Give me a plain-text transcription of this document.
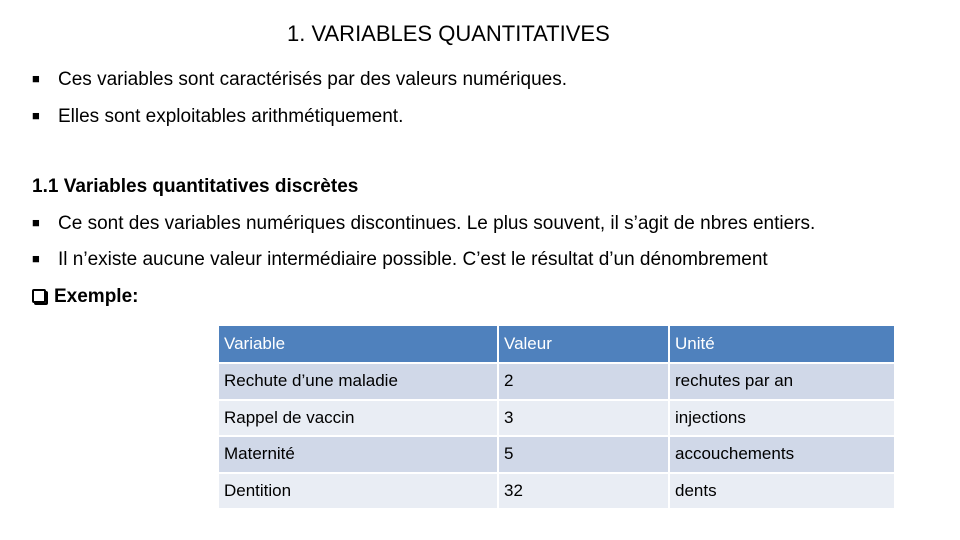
1. VARIABLES QUANTITATIVES
■ Ces variables sont caractérisés par des valeurs numériques.
■ Elles sont exploitables arithmétiquement.
1.1 Variables quantitatives discrètes
■ Ce sont des variables numériques discontinues. Le plus souvent, il s’agit de nbres entiers.
■ Il n’existe aucune valeur intermédiaire possible. C’est le résultat d’un dénombrement
Exemple:
Variable	Valeur	Unité
Rechute d’une maladie	2	rechutes par an
Rappel de vaccin	3	injections
Maternité	5	accouchements
Dentition	32	dents
